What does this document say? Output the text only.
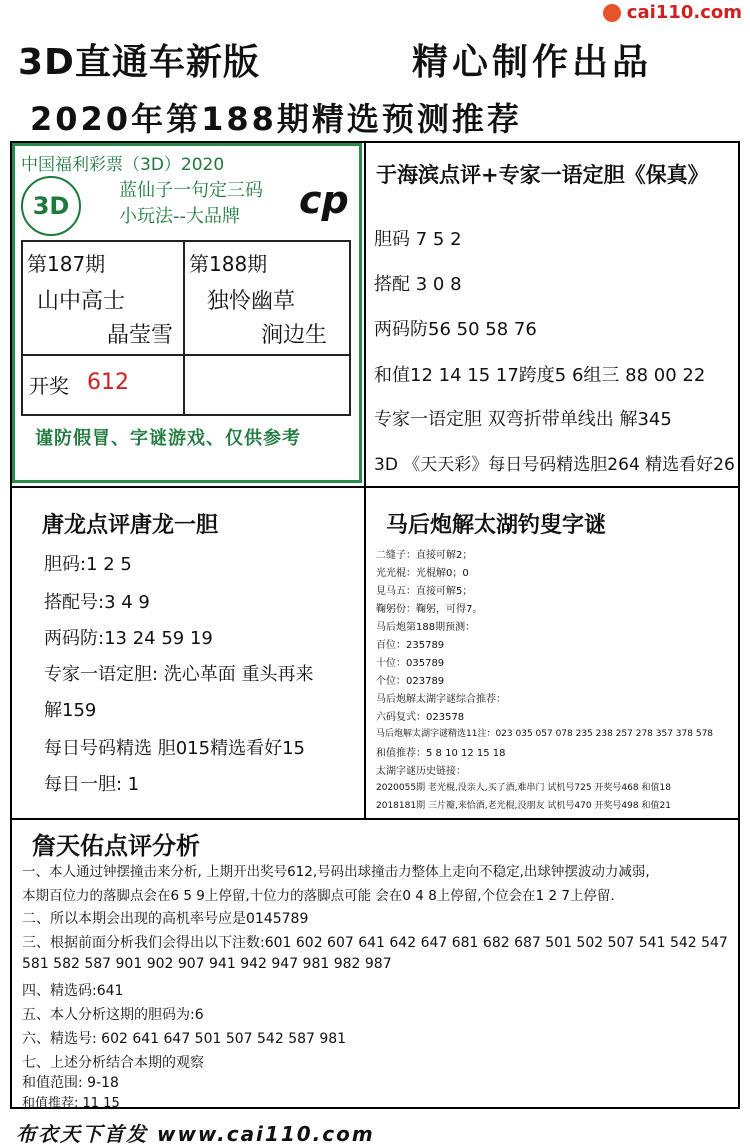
cai110.com
3D直通车新版	精心制作出品
2020年第188期精选预测推荐
中国福利彩票（3D）2020
3D
蓝仙子一句定三码
小玩法--大品牌 cp
第187期
山中高士
晶莹雪
第188期
独怜幽草
涧边生
开奖 612
谨防假冒、字谜游戏、仅供参考
于海滨点评+专家一语定胆《保真》
胆码 7 5 2
搭配 3 0 8
两码防56 50 58 76
和值12 14 15 17跨度5 6组三 88 00 22
专家一语定胆 双弯折带单线出 解345
3D 《天天彩》每日号码精选胆264 精选看好26
唐龙点评唐龙一胆
胆码:1 2 5
搭配号:3 4 9
两码防:13 24 59 19
专家一语定胆: 洗心革面 重头再来
解159
每日号码精选 胆015精选看好15
每日一胆: 1
马后炮解太湖钓叟字谜
二缝子：直接可解2；
光光棍：光棍解0；0
見马五：直接可解5；
鞠躬份：鞠躬，可得7。
马后炮第188期预测：
百位：235789
十位：035789
个位：023789
马后炮解太湖字谜综合推荐：
六码复式：023578
马后炮解太湖字谜精选11注：023 035 057 078 235 238 257 278 357 378 578
和值推荐：5 8 10 12 15 18
太湖字谜历史链接：
2020055期 老光棍,没亲人,买了酒,难串门 试机号725 开奖号468 和值18
2018181期 三片瓣,来恰酒,老光棍,没朋友 试机号470 开奖号498 和值21
詹天佑点评分析
一、本人通过钟摆撞击来分析, 上期开出奖号612,号码出球撞击力整体上走向不稳定,出球钟摆波动力减弱,
本期百位力的落脚点会在6 5 9上停留,十位力的落脚点可能 会在0 4 8上停留,个位会在1 2 7上停留.
二、所以本期会出现的高机率号应是0145789
三、根据前面分析我们会得出以下注数:601 602 607 641 642 647 681 682 687 501 502 507 541 542 547
581 582 587 901 902 907 941 942 947 981 982 987
四、精选码:641
五、本人分析这期的胆码为:6
六、精选号: 602 641 647 501 507 542 587 981
七、上述分析结合本期的观察
和值范围: 9-18
和值推荐: 11 15
布衣天下首发 www.cai110.com
